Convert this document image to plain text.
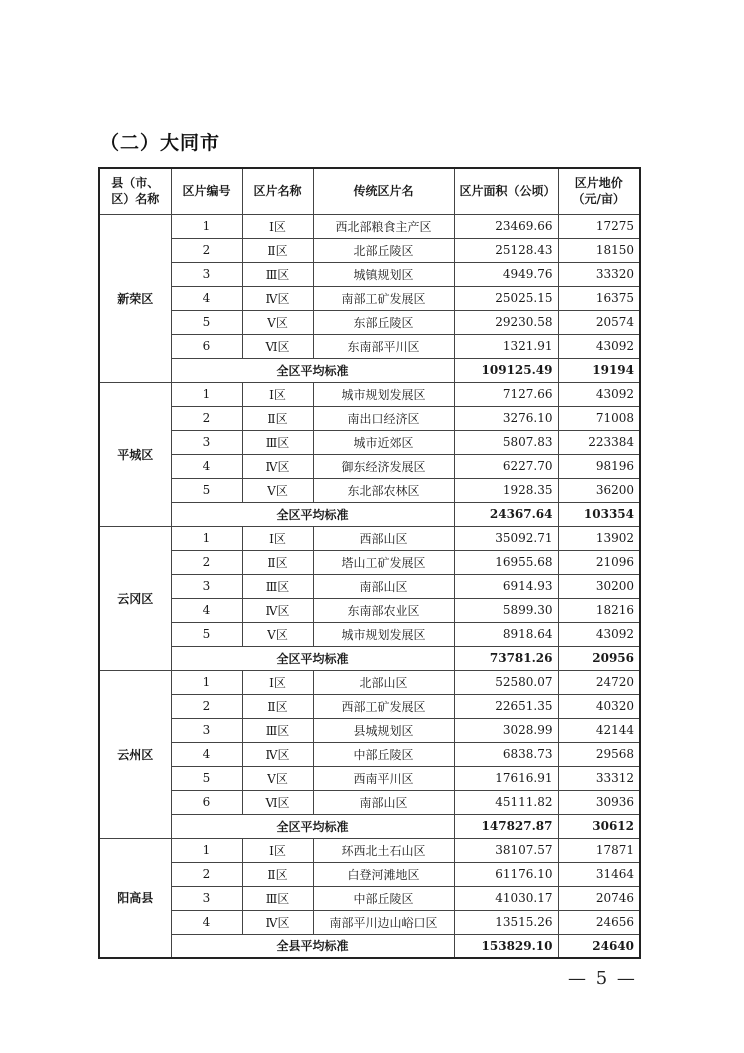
（二）大同市
县（市、区）名称	区片编号	区片名称	传统区片名	区片面积（公顷）	区片地价（元/亩）
新荣区	1	Ⅰ区	西北部粮食主产区	23469.66	17275
	2	Ⅱ区	北部丘陵区	25128.43	18150
	3	Ⅲ区	城镇规划区	4949.76	33320
	4	Ⅳ区	南部工矿发展区	25025.15	16375
	5	Ⅴ区	东部丘陵区	29230.58	20574
	6	Ⅵ区	东南部平川区	1321.91	43092
	全区平均标准			109125.49	19194
平城区	1	Ⅰ区	城市规划发展区	7127.66	43092
	2	Ⅱ区	南出口经济区	3276.10	71008
	3	Ⅲ区	城市近郊区	5807.83	223384
	4	Ⅳ区	御东经济发展区	6227.70	98196
	5	Ⅴ区	东北部农林区	1928.35	36200
	全区平均标准			24367.64	103354
云冈区	1	Ⅰ区	西部山区	35092.71	13902
	2	Ⅱ区	塔山工矿发展区	16955.68	21096
	3	Ⅲ区	南部山区	6914.93	30200
	4	Ⅳ区	东南部农业区	5899.30	18216
	5	Ⅴ区	城市规划发展区	8918.64	43092
	全区平均标准			73781.26	20956
云州区	1	Ⅰ区	北部山区	52580.07	24720
	2	Ⅱ区	西部工矿发展区	22651.35	40320
	3	Ⅲ区	县城规划区	3028.99	42144
	4	Ⅳ区	中部丘陵区	6838.73	29568
	5	Ⅴ区	西南平川区	17616.91	33312
	6	Ⅵ区	南部山区	45111.82	30936
	全区平均标准			147827.87	30612
阳高县	1	Ⅰ区	环西北土石山区	38107.57	17871
	2	Ⅱ区	白登河滩地区	61176.10	31464
	3	Ⅲ区	中部丘陵区	41030.17	20746
	4	Ⅳ区	南部平川边山峪口区	13515.26	24656
	全县平均标准			153829.10	24640
— 5 —
